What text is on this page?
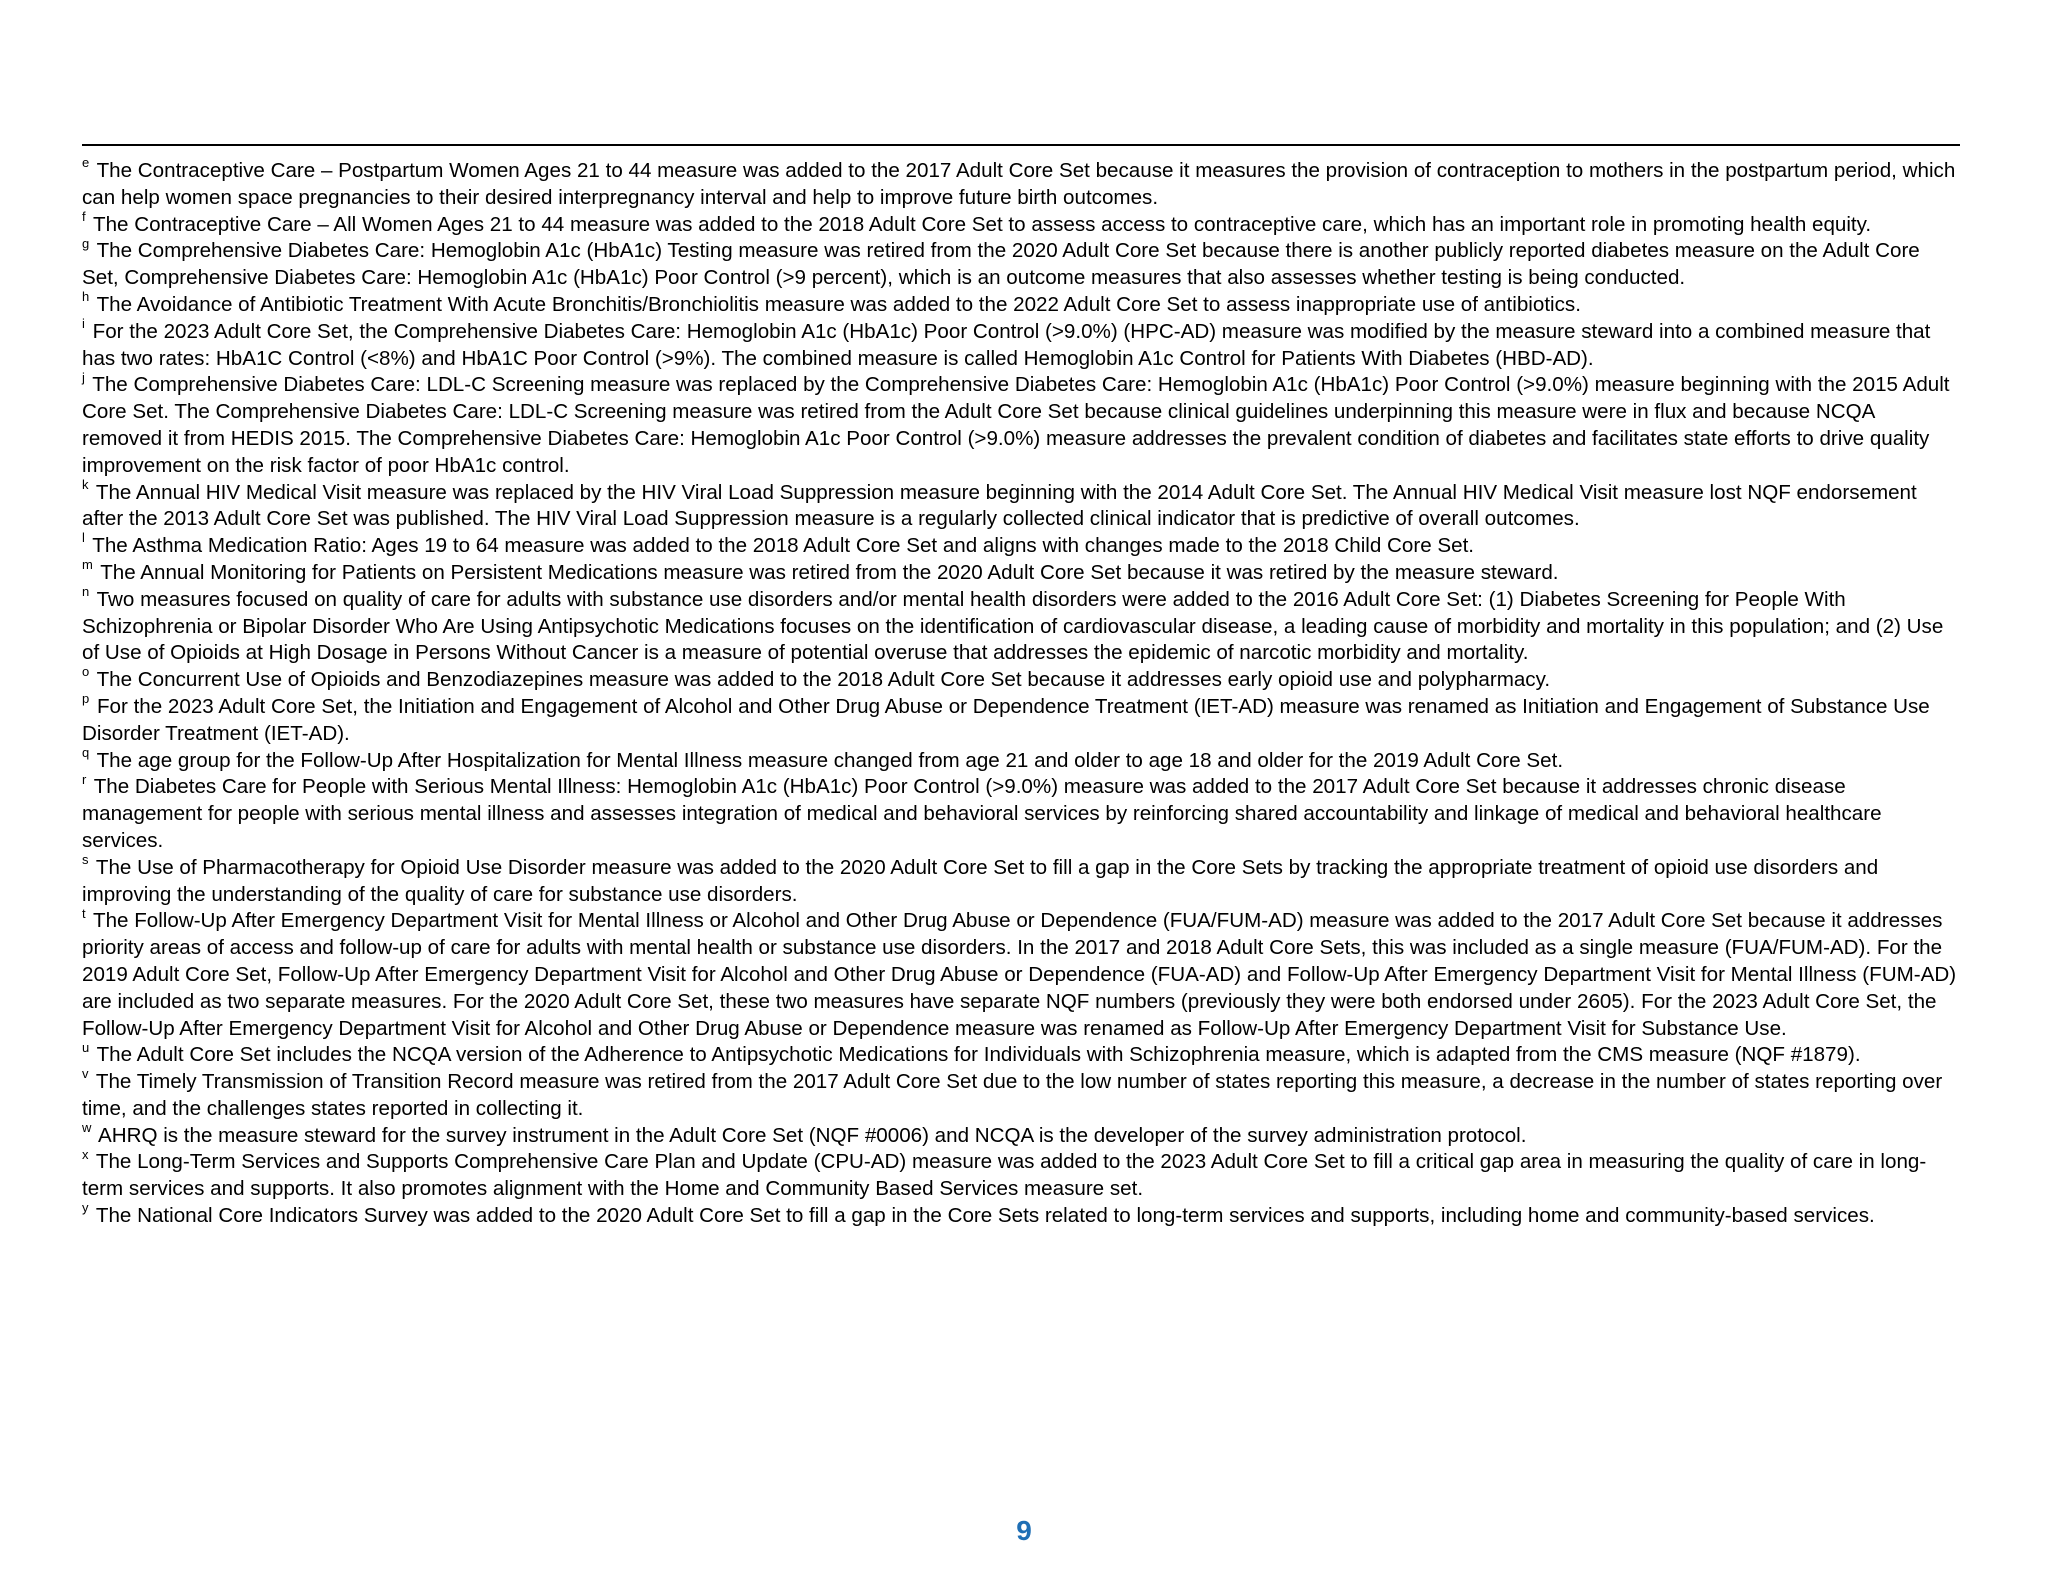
$^e$ The Contraceptive Care – Postpartum Women Ages 21 to 44 measure was added to the 2017 Adult Core Set because it measures the provision of contraception to mothers in the postpartum period, which can help women space pregnancies to their desired interpregnancy interval and help to improve future birth outcomes.

$^f$ The Contraceptive Care – All Women Ages 21 to 44 measure was added to the 2018 Adult Core Set to assess access to contraceptive care, which has an important role in promoting health equity.

$^g$ The Comprehensive Diabetes Care: Hemoglobin A1c (HbA1c) Testing measure was retired from the 2020 Adult Core Set because there is another publicly reported diabetes measure on the Adult Core Set, Comprehensive Diabetes Care: Hemoglobin A1c (HbA1c) Poor Control (>9 percent), which is an outcome measures that also assesses whether testing is being conducted.

$^h$ The Avoidance of Antibiotic Treatment With Acute Bronchitis/Bronchiolitis measure was added to the 2022 Adult Core Set to assess inappropriate use of antibiotics.

$^i$ For the 2023 Adult Core Set, the Comprehensive Diabetes Care: Hemoglobin A1c (HbA1c) Poor Control (>9.0%) (HPC-AD) measure was modified by the measure steward into a combined measure that has two rates: HbA1C Control (<8%) and HbA1C Poor Control (>9%). The combined measure is called Hemoglobin A1c Control for Patients With Diabetes (HBD-AD).

$^j$ The Comprehensive Diabetes Care: LDL-C Screening measure was replaced by the Comprehensive Diabetes Care: Hemoglobin A1c (HbA1c) Poor Control (>9.0%) measure beginning with the 2015 Adult Core Set. The Comprehensive Diabetes Care: LDL-C Screening measure was retired from the Adult Core Set because clinical guidelines underpinning this measure were in flux and because NCQA removed it from HEDIS 2015. The Comprehensive Diabetes Care: Hemoglobin A1c Poor Control (>9.0%) measure addresses the prevalent condition of diabetes and facilitates state efforts to drive quality improvement on the risk factor of poor HbA1c control.

$^k$ The Annual HIV Medical Visit measure was replaced by the HIV Viral Load Suppression measure beginning with the 2014 Adult Core Set. The Annual HIV Medical Visit measure lost NQF endorsement after the 2013 Adult Core Set was published. The HIV Viral Load Suppression measure is a regularly collected clinical indicator that is predictive of overall outcomes.

$^l$ The Asthma Medication Ratio: Ages 19 to 64 measure was added to the 2018 Adult Core Set and aligns with changes made to the 2018 Child Core Set.

$^m$ The Annual Monitoring for Patients on Persistent Medications measure was retired from the 2020 Adult Core Set because it was retired by the measure steward.

$^n$ Two measures focused on quality of care for adults with substance use disorders and/or mental health disorders were added to the 2016 Adult Core Set: (1) Diabetes Screening for People With Schizophrenia or Bipolar Disorder Who Are Using Antipsychotic Medications focuses on the identification of cardiovascular disease, a leading cause of morbidity and mortality in this population; and (2) Use of Use of Opioids at High Dosage in Persons Without Cancer is a measure of potential overuse that addresses the epidemic of narcotic morbidity and mortality.

$^o$ The Concurrent Use of Opioids and Benzodiazepines measure was added to the 2018 Adult Core Set because it addresses early opioid use and polypharmacy.

$^p$ For the 2023 Adult Core Set, the Initiation and Engagement of Alcohol and Other Drug Abuse or Dependence Treatment (IET-AD) measure was renamed as Initiation and Engagement of Substance Use Disorder Treatment (IET-AD).

$^q$ The age group for the Follow-Up After Hospitalization for Mental Illness measure changed from age 21 and older to age 18 and older for the 2019 Adult Core Set.

$^r$ The Diabetes Care for People with Serious Mental Illness: Hemoglobin A1c (HbA1c) Poor Control (>9.0%) measure was added to the 2017 Adult Core Set because it addresses chronic disease management for people with serious mental illness and assesses integration of medical and behavioral services by reinforcing shared accountability and linkage of medical and behavioral healthcare services.

$^s$ The Use of Pharmacotherapy for Opioid Use Disorder measure was added to the 2020 Adult Core Set to fill a gap in the Core Sets by tracking the appropriate treatment of opioid use disorders and improving the understanding of the quality of care for substance use disorders.

$^t$ The Follow-Up After Emergency Department Visit for Mental Illness or Alcohol and Other Drug Abuse or Dependence (FUA/FUM-AD) measure was added to the 2017 Adult Core Set because it addresses priority areas of access and follow-up of care for adults with mental health or substance use disorders. In the 2017 and 2018 Adult Core Sets, this was included as a single measure (FUA/FUM-AD). For the 2019 Adult Core Set, Follow-Up After Emergency Department Visit for Alcohol and Other Drug Abuse or Dependence (FUA-AD) and Follow-Up After Emergency Department Visit for Mental Illness (FUM-AD) are included as two separate measures. For the 2020 Adult Core Set, these two measures have separate NQF numbers (previously they were both endorsed under 2605). For the 2023 Adult Core Set, the Follow-Up After Emergency Department Visit for Alcohol and Other Drug Abuse or Dependence measure was renamed as Follow-Up After Emergency Department Visit for Substance Use.

$^u$ The Adult Core Set includes the NCQA version of the Adherence to Antipsychotic Medications for Individuals with Schizophrenia measure, which is adapted from the CMS measure (NQF #1879).

$^v$ The Timely Transmission of Transition Record measure was retired from the 2017 Adult Core Set due to the low number of states reporting this measure, a decrease in the number of states reporting over time, and the challenges states reported in collecting it.

$^w$ AHRQ is the measure steward for the survey instrument in the Adult Core Set (NQF #0006) and NCQA is the developer of the survey administration protocol.

$^x$ The Long-Term Services and Supports Comprehensive Care Plan and Update (CPU-AD) measure was added to the 2023 Adult Core Set to fill a critical gap area in measuring the quality of care in long-term services and supports. It also promotes alignment with the Home and Community Based Services measure set.

$^y$ The National Core Indicators Survey was added to the 2020 Adult Core Set to fill a gap in the Core Sets related to long-term services and supports, including home and community-based services.

9
